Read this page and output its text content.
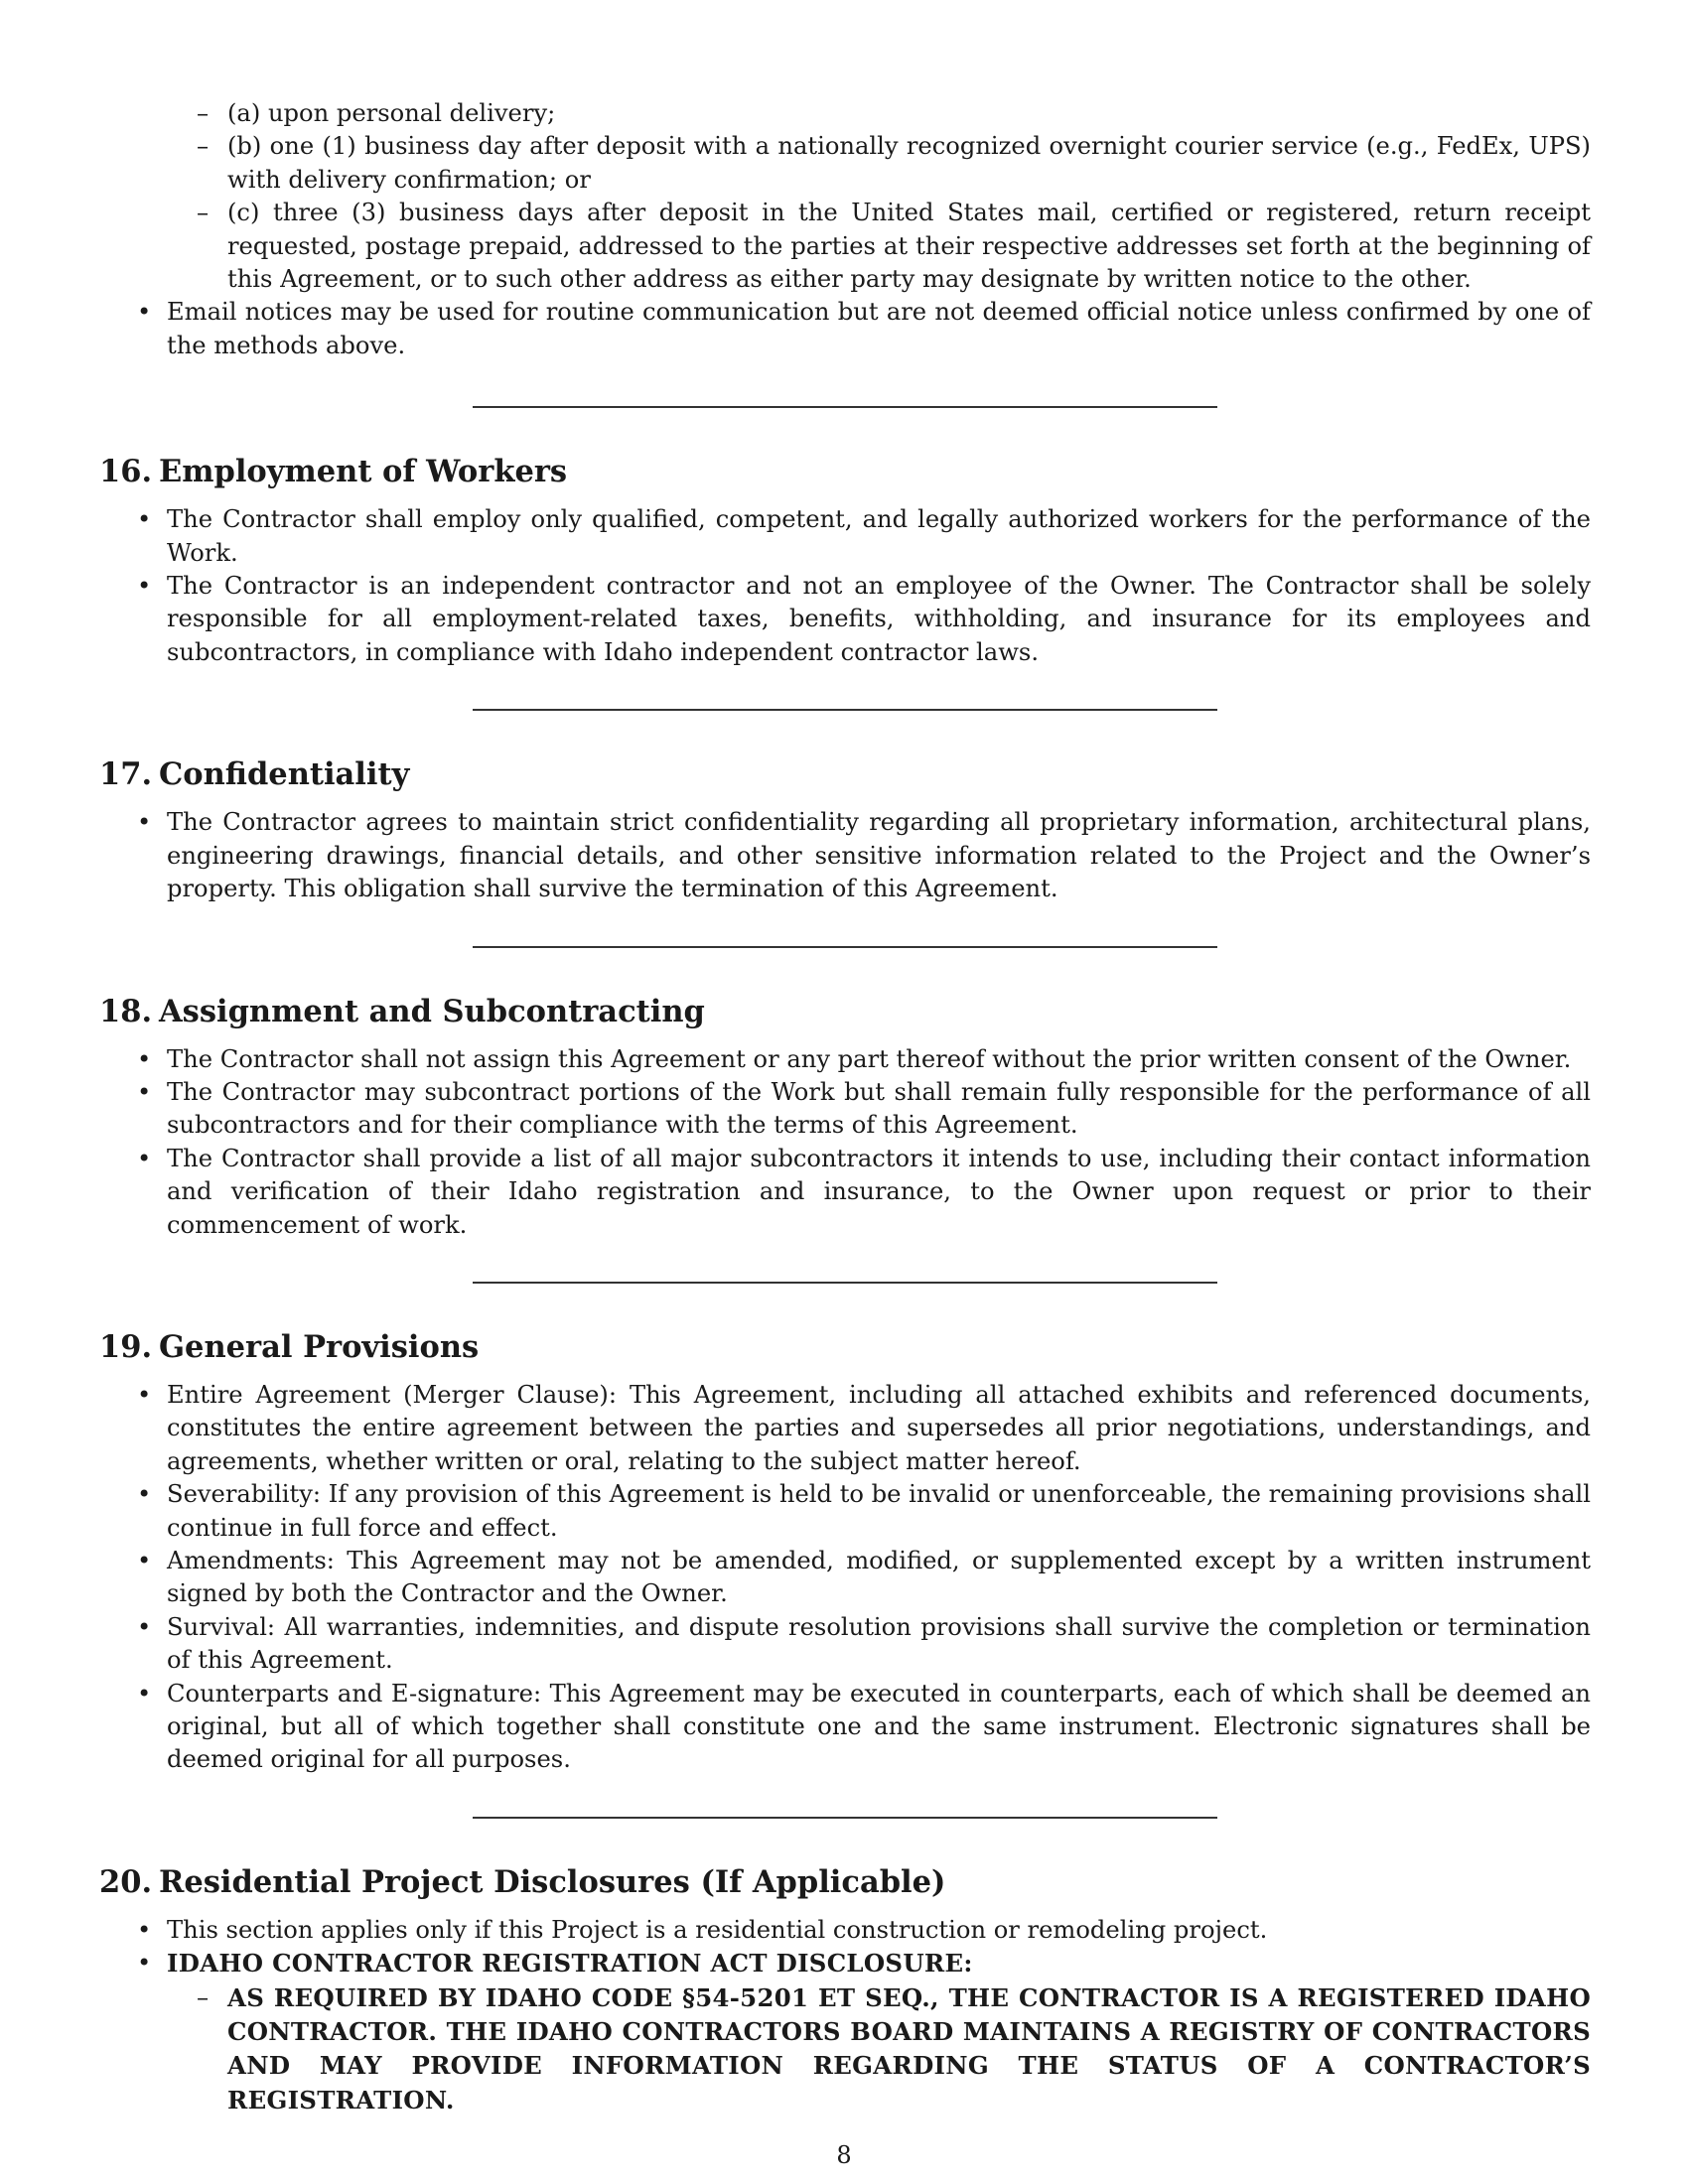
– (a) upon personal delivery;
– (b) one (1) business day after deposit with a nationally recognized overnight courier service (e.g., FedEx, UPS) with delivery confirmation; or
– (c) three (3) business days after deposit in the United States mail, certified or registered, return receipt requested, postage prepaid, addressed to the parties at their respective addresses set forth at the beginning of this Agreement, or to such other address as either party may designate by written notice to the other.
• Email notices may be used for routine communication but are not deemed official notice unless confirmed by one of the methods above.
16. Employment of Workers
• The Contractor shall employ only qualified, competent, and legally authorized workers for the performance of the Work.
• The Contractor is an independent contractor and not an employee of the Owner. The Contractor shall be solely responsible for all employment-related taxes, benefits, withholding, and insurance for its employees and subcontractors, in compliance with Idaho independent contractor laws.
17. Confidentiality
• The Contractor agrees to maintain strict confidentiality regarding all proprietary information, architectural plans, engineering drawings, financial details, and other sensitive information related to the Project and the Owner’s property. This obligation shall survive the termination of this Agreement.
18. Assignment and Subcontracting
• The Contractor shall not assign this Agreement or any part thereof without the prior written consent of the Owner.
• The Contractor may subcontract portions of the Work but shall remain fully responsible for the performance of all subcontractors and for their compliance with the terms of this Agreement.
• The Contractor shall provide a list of all major subcontractors it intends to use, including their contact information and verification of their Idaho registration and insurance, to the Owner upon request or prior to their commencement of work.
19. General Provisions
• Entire Agreement (Merger Clause): This Agreement, including all attached exhibits and referenced documents, constitutes the entire agreement between the parties and supersedes all prior negotiations, understandings, and agreements, whether written or oral, relating to the subject matter hereof.
• Severability: If any provision of this Agreement is held to be invalid or unenforceable, the remaining provisions shall continue in full force and effect.
• Amendments: This Agreement may not be amended, modified, or supplemented except by a written instrument signed by both the Contractor and the Owner.
• Survival: All warranties, indemnities, and dispute resolution provisions shall survive the completion or termination of this Agreement.
• Counterparts and E-signature: This Agreement may be executed in counterparts, each of which shall be deemed an original, but all of which together shall constitute one and the same instrument. Electronic signatures shall be deemed original for all purposes.
20. Residential Project Disclosures (If Applicable)
• This section applies only if this Project is a residential construction or remodeling project.
• IDAHO CONTRACTOR REGISTRATION ACT DISCLOSURE:
– AS REQUIRED BY IDAHO CODE §54-5201 ET SEQ., THE CONTRACTOR IS A REGISTERED IDAHO CONTRACTOR. THE IDAHO CONTRACTORS BOARD MAINTAINS A REGISTRY OF CONTRACTORS AND MAY PROVIDE INFORMATION REGARDING THE STATUS OF A CONTRACTOR’S REGISTRATION.
8
